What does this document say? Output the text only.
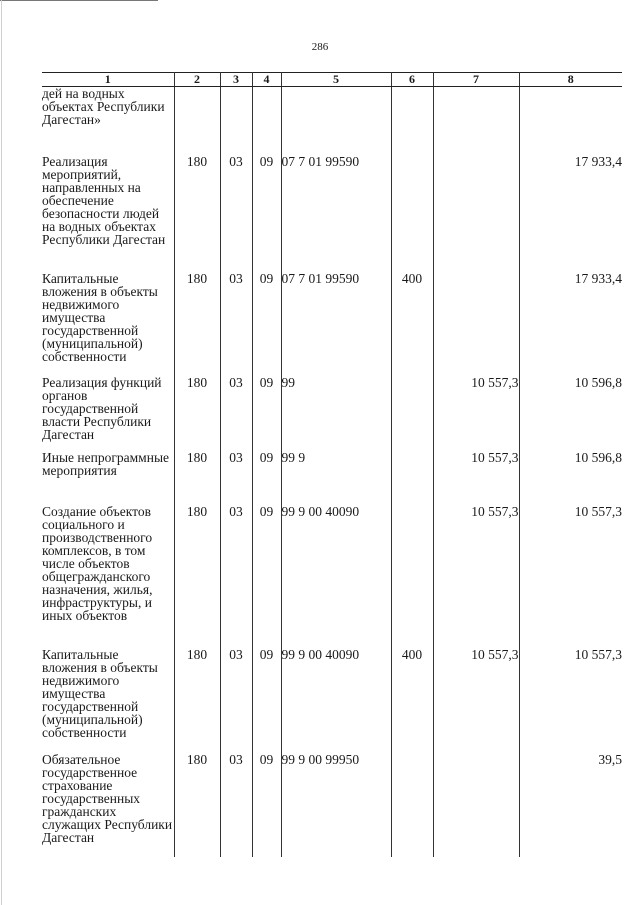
286
1	2	3	4	5	6	7	8
дей на водных объектах Республики Дагестан»							
Реализация мероприятий, направленных на обеспечение безопасности людей на водных объектах Республики Дагестан	180	03	09	07 7 01 99590			17 933,4
Капитальные вложения в объекты недвижимого имущества государственной (муниципальной) собственности	180	03	09	07 7 01 99590	400		17 933,4
Реализация функций органов государственной власти Республики Дагестан	180	03	09	99		10 557,3	10 596,8
Иные непрограммные мероприятия	180	03	09	99 9		10 557,3	10 596,8
Создание объектов социального и производственного комплексов, в том числе объектов общегражданского назначения, жилья, инфраструктуры, и иных объектов	180	03	09	99 9 00 40090		10 557,3	10 557,3
Капитальные вложения в объекты недвижимого имущества государственной (муниципальной) собственности	180	03	09	99 9 00 40090	400	10 557,3	10 557,3
Обязательное государственное страхование государственных гражданских служащих Республики Дагестан	180	03	09	99 9 00 99950			39,5
